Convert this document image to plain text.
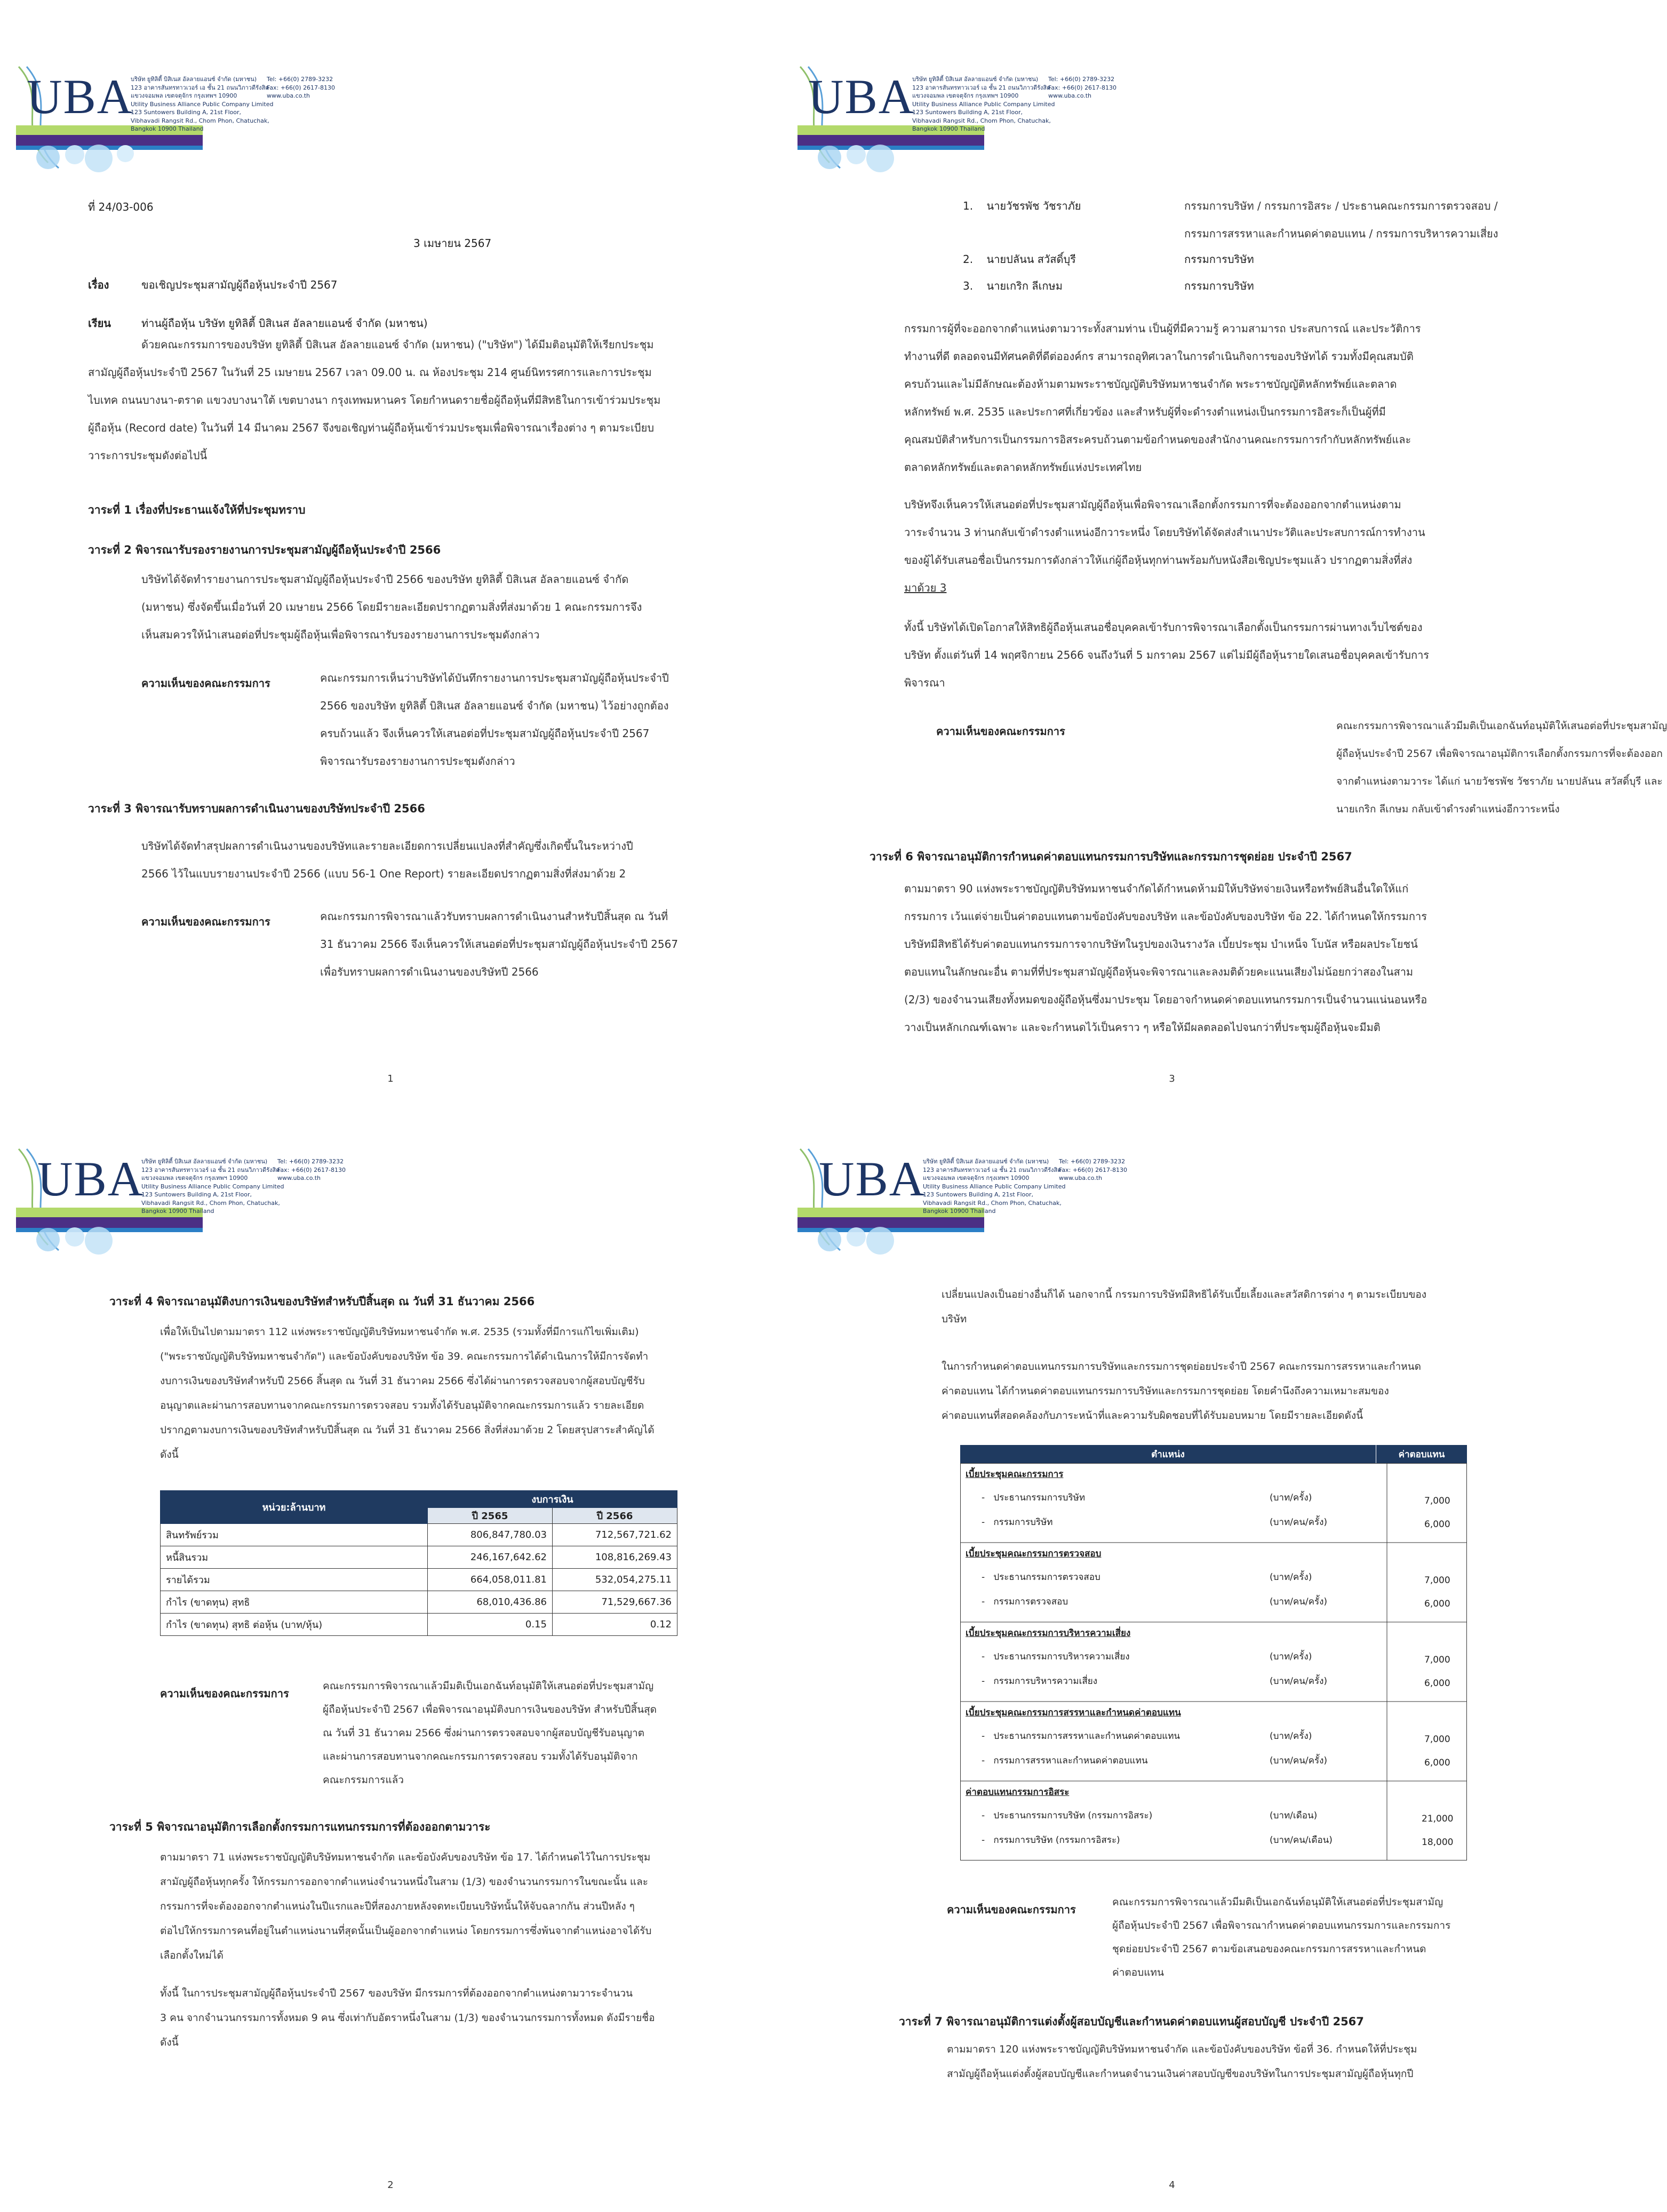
UBA
บริษัท ยูทิลิตี้ บิสิเนส อัลลายแอนซ์ จำกัด (มหาชน)
123 อาคารสันทรทาวเวอร์ เอ ชั้น 21 ถนนวิภาวดีรังสิต
แขวงจอมพล เขตจตุจักร กรุงเทพฯ 10900
Utility Business Alliance Public Company Limited
123 Suntowers Building A, 21st Floor,
Vibhavadi Rangsit Rd., Chom Phon, Chatuchak,
Bangkok 10900 Thailand
Tel: +66(0) 2789-3232
Fax: +66(0) 2617-8130
www.uba.co.th
ที่ 24/03-006
3 เมษายน 2567
เรื่อง	ขอเชิญประชุมสามัญผู้ถือหุ้นประจำปี 2567
เรียน	ท่านผู้ถือหุ้น บริษัท ยูทิลิตี้ บิสิเนส อัลลายแอนซ์ จำกัด (มหาชน)
ด้วยคณะกรรมการของบริษัท ยูทิลิตี้ บิสิเนส อัลลายแอนซ์ จำกัด (มหาชน) ("บริษัท") ได้มีมติอนุมัติให้เรียกประชุม
สามัญผู้ถือหุ้นประจำปี 2567 ในวันที่ 25 เมษายน 2567 เวลา 09.00 น. ณ ห้องประชุม 214 ศูนย์นิทรรศการและการประชุม
ไบเทค ถนนบางนา-ตราด แขวงบางนาใต้ เขตบางนา กรุงเทพมหานคร โดยกำหนดรายชื่อผู้ถือหุ้นที่มีสิทธิในการเข้าร่วมประชุม
ผู้ถือหุ้น (Record date) ในวันที่ 14 มีนาคม 2567 จึงขอเชิญท่านผู้ถือหุ้นเข้าร่วมประชุมเพื่อพิจารณาเรื่องต่าง ๆ ตามระเบียบ
วาระการประชุมดังต่อไปนี้
วาระที่ 1 เรื่องที่ประธานแจ้งให้ที่ประชุมทราบ
วาระที่ 2 พิจารณารับรองรายงานการประชุมสามัญผู้ถือหุ้นประจำปี 2566
บริษัทได้จัดทำรายงานการประชุมสามัญผู้ถือหุ้นประจำปี 2566 ของบริษัท ยูทิลิตี้ บิสิเนส อัลลายแอนซ์ จำกัด
(มหาชน) ซึ่งจัดขึ้นเมื่อวันที่ 20 เมษายน 2566 โดยมีรายละเอียดปรากฏตามสิ่งที่ส่งมาด้วย 1 คณะกรรมการจึง
เห็นสมควรให้นำเสนอต่อที่ประชุมผู้ถือหุ้นเพื่อพิจารณารับรองรายงานการประชุมดังกล่าว
ความเห็นของคณะกรรมการ	คณะกรรมการเห็นว่าบริษัทได้บันทึกรายงานการประชุมสามัญผู้ถือหุ้นประจำปี
2566 ของบริษัท ยูทิลิตี้ บิสิเนส อัลลายแอนซ์ จำกัด (มหาชน) ไว้อย่างถูกต้อง
ครบถ้วนแล้ว จึงเห็นควรให้เสนอต่อที่ประชุมสามัญผู้ถือหุ้นประจำปี 2567
พิจารณารับรองรายงานการประชุมดังกล่าว
วาระที่ 3 พิจารณารับทราบผลการดำเนินงานของบริษัทประจำปี 2566
บริษัทได้จัดทำสรุปผลการดำเนินงานของบริษัทและรายละเอียดการเปลี่ยนแปลงที่สำคัญซึ่งเกิดขึ้นในระหว่างปี
2566 ไว้ในแบบรายงานประจำปี 2566 (แบบ 56-1 One Report) รายละเอียดปรากฏตามสิ่งที่ส่งมาด้วย 2
ความเห็นของคณะกรรมการ	คณะกรรมการพิจารณาแล้วรับทราบผลการดำเนินงานสำหรับปีสิ้นสุด ณ วันที่
31 ธันวาคม 2566 จึงเห็นควรให้เสนอต่อที่ประชุมสามัญผู้ถือหุ้นประจำปี 2567
เพื่อรับทราบผลการดำเนินงานของบริษัทปี 2566
1
UBA
บริษัท ยูทิลิตี้ บิสิเนส อัลลายแอนซ์ จำกัด (มหาชน)
123 อาคารสันทรทาวเวอร์ เอ ชั้น 21 ถนนวิภาวดีรังสิต
แขวงจอมพล เขตจตุจักร กรุงเทพฯ 10900
Utility Business Alliance Public Company Limited
123 Suntowers Building A, 21st Floor,
Vibhavadi Rangsit Rd., Chom Phon, Chatuchak,
Bangkok 10900 Thailand
Tel: +66(0) 2789-3232
Fax: +66(0) 2617-8130
www.uba.co.th
1. นายวัชรพัช วัชราภัย	กรรมการบริษัท / กรรมการอิสระ / ประธานคณะกรรมการตรวจสอบ /
กรรมการสรรหาและกำหนดค่าตอบแทน / กรรมการบริหารความเสี่ยง
2. นายปลันน สวัสดิ์บุรี	กรรมการบริษัท
3. นายเกริก ลีเกษม	กรรมการบริษัท
กรรมการผู้ที่จะออกจากตำแหน่งตามวาระทั้งสามท่าน เป็นผู้ที่มีความรู้ ความสามารถ ประสบการณ์ และประวัติการ
ทำงานที่ดี ตลอดจนมีทัศนคติที่ดีต่อองค์กร สามารถอุทิศเวลาในการดำเนินกิจการของบริษัทได้ รวมทั้งมีคุณสมบัติ
ครบถ้วนและไม่มีลักษณะต้องห้ามตามพระราชบัญญัติบริษัทมหาชนจำกัด พระราชบัญญัติหลักทรัพย์และตลาด
หลักทรัพย์ พ.ศ. 2535 และประกาศที่เกี่ยวข้อง และสำหรับผู้ที่จะดำรงตำแหน่งเป็นกรรมการอิสระก็เป็นผู้ที่มี
คุณสมบัติสำหรับการเป็นกรรมการอิสระครบถ้วนตามข้อกำหนดของสำนักงานคณะกรรมการกำกับหลักทรัพย์และ
ตลาดหลักทรัพย์และตลาดหลักทรัพย์แห่งประเทศไทย
บริษัทจึงเห็นควรให้เสนอต่อที่ประชุมสามัญผู้ถือหุ้นเพื่อพิจารณาเลือกตั้งกรรมการที่จะต้องออกจากตำแหน่งตาม
วาระจำนวน 3 ท่านกลับเข้าดำรงตำแหน่งอีกวาระหนึ่ง โดยบริษัทได้จัดส่งสำเนาประวัติและประสบการณ์การทำงาน
ของผู้ได้รับเสนอชื่อเป็นกรรมการดังกล่าวให้แก่ผู้ถือหุ้นทุกท่านพร้อมกับหนังสือเชิญประชุมแล้ว ปรากฏตามสิ่งที่ส่ง
มาด้วย 3
ทั้งนี้ บริษัทได้เปิดโอกาสให้สิทธิผู้ถือหุ้นเสนอชื่อบุคคลเข้ารับการพิจารณาเลือกตั้งเป็นกรรมการผ่านทางเว็บไซต์ของ
บริษัท ตั้งแต่วันที่ 14 พฤศจิกายน 2566 จนถึงวันที่ 5 มกราคม 2567 แต่ไม่มีผู้ถือหุ้นรายใดเสนอชื่อบุคคลเข้ารับการ
พิจารณา
ความเห็นของคณะกรรมการ	คณะกรรมการพิจารณาแล้วมีมติเป็นเอกฉันท์อนุมัติให้เสนอต่อที่ประชุมสามัญ
ผู้ถือหุ้นประจำปี 2567 เพื่อพิจารณาอนุมัติการเลือกตั้งกรรมการที่จะต้องออก
จากตำแหน่งตามวาระ ได้แก่ นายวัชรพัช วัชราภัย นายปลันน สวัสดิ์บุรี และ
นายเกริก ลีเกษม กลับเข้าดำรงตำแหน่งอีกวาระหนึ่ง
วาระที่ 6 พิจารณาอนุมัติการกำหนดค่าตอบแทนกรรมการบริษัทและกรรมการชุดย่อย ประจำปี 2567
ตามมาตรา 90 แห่งพระราชบัญญัติบริษัทมหาชนจำกัดได้กำหนดห้ามมิให้บริษัทจ่ายเงินหรือทรัพย์สินอื่นใดให้แก่
กรรมการ เว้นแต่จ่ายเป็นค่าตอบแทนตามข้อบังคับของบริษัท และข้อบังคับของบริษัท ข้อ 22. ได้กำหนดให้กรรมการ
บริษัทมีสิทธิได้รับค่าตอบแทนกรรมการจากบริษัทในรูปของเงินรางวัล เบี้ยประชุม บำเหน็จ โบนัส หรือผลประโยชน์
ตอบแทนในลักษณะอื่น ตามที่ที่ประชุมสามัญผู้ถือหุ้นจะพิจารณาและลงมติด้วยคะแนนเสียงไม่น้อยกว่าสองในสาม
(2/3) ของจำนวนเสียงทั้งหมดของผู้ถือหุ้นซึ่งมาประชุม โดยอาจกำหนดค่าตอบแทนกรรมการเป็นจำนวนแน่นอนหรือ
วางเป็นหลักเกณฑ์เฉพาะ และจะกำหนดไว้เป็นคราว ๆ หรือให้มีผลตลอดไปจนกว่าที่ประชุมผู้ถือหุ้นจะมีมติ
3
UBA
บริษัท ยูทิลิตี้ บิสิเนส อัลลายแอนซ์ จำกัด (มหาชน)
123 อาคารสันทรทาวเวอร์ เอ ชั้น 21 ถนนวิภาวดีรังสิต
แขวงจอมพล เขตจตุจักร กรุงเทพฯ 10900
Utility Business Alliance Public Company Limited
123 Suntowers Building A, 21st Floor,
Vibhavadi Rangsit Rd., Chom Phon, Chatuchak,
Bangkok 10900 Thailand
Tel: +66(0) 2789-3232
Fax: +66(0) 2617-8130
www.uba.co.th
วาระที่ 4 พิจารณาอนุมัติงบการเงินของบริษัทสำหรับปีสิ้นสุด ณ วันที่ 31 ธันวาคม 2566
เพื่อให้เป็นไปตามมาตรา 112 แห่งพระราชบัญญัติบริษัทมหาชนจำกัด พ.ศ. 2535 (รวมทั้งที่มีการแก้ไขเพิ่มเติม)
("พระราชบัญญัติบริษัทมหาชนจำกัด") และข้อบังคับของบริษัท ข้อ 39. คณะกรรมการได้ดำเนินการให้มีการจัดทำ
งบการเงินของบริษัทสำหรับปี 2566 สิ้นสุด ณ วันที่ 31 ธันวาคม 2566 ซึ่งได้ผ่านการตรวจสอบจากผู้สอบบัญชีรับ
อนุญาตและผ่านการสอบทานจากคณะกรรมการตรวจสอบ รวมทั้งได้รับอนุมัติจากคณะกรรมการแล้ว รายละเอียด
ปรากฏตามงบการเงินของบริษัทสำหรับปีสิ้นสุด ณ วันที่ 31 ธันวาคม 2566 สิ่งที่ส่งมาด้วย 2 โดยสรุปสาระสำคัญได้
ดังนี้
หน่วย:ล้านบาท	งบการเงิน	
	ปี 2565	ปี 2566
สินทรัพย์รวม	806,847,780.03	712,567,721.62
หนี้สินรวม	246,167,642.62	108,816,269.43
รายได้รวม	664,058,011.81	532,054,275.11
กำไร (ขาดทุน) สุทธิ	68,010,436.86	71,529,667.36
กำไร (ขาดทุน) สุทธิ ต่อหุ้น (บาท/หุ้น)	0.15	0.12
ความเห็นของคณะกรรมการ
คณะกรรมการพิจารณาแล้วมีมติเป็นเอกฉันท์อนุมัติให้เสนอต่อที่ประชุมสามัญ
ผู้ถือหุ้นประจำปี 2567 เพื่อพิจารณาอนุมัติงบการเงินของบริษัท สำหรับปีสิ้นสุด
ณ วันที่ 31 ธันวาคม 2566 ซึ่งผ่านการตรวจสอบจากผู้สอบบัญชีรับอนุญาต
และผ่านการสอบทานจากคณะกรรมการตรวจสอบ รวมทั้งได้รับอนุมัติจาก
คณะกรรมการแล้ว
วาระที่ 5 พิจารณาอนุมัติการเลือกตั้งกรรมการแทนกรรมการที่ต้องออกตามวาระ
ตามมาตรา 71 แห่งพระราชบัญญัติบริษัทมหาชนจำกัด และข้อบังคับของบริษัท ข้อ 17. ได้กำหนดไว้ในการประชุม
สามัญผู้ถือหุ้นทุกครั้ง ให้กรรมการออกจากตำแหน่งจำนวนหนึ่งในสาม (1/3) ของจำนวนกรรมการในขณะนั้น และ
กรรมการที่จะต้องออกจากตำแหน่งในปีแรกและปีที่สองภายหลังจดทะเบียนบริษัทนั้นให้จับฉลากกัน ส่วนปีหลัง ๆ
ต่อไปให้กรรมการคนที่อยู่ในตำแหน่งนานที่สุดนั้นเป็นผู้ออกจากตำแหน่ง โดยกรรมการซึ่งพ้นจากตำแหน่งอาจได้รับ
เลือกตั้งใหม่ได้
ทั้งนี้ ในการประชุมสามัญผู้ถือหุ้นประจำปี 2567 ของบริษัท มีกรรมการที่ต้องออกจากตำแหน่งตามวาระจำนวน
3 คน จากจำนวนกรรมการทั้งหมด 9 คน ซึ่งเท่ากับอัตราหนึ่งในสาม (1/3) ของจำนวนกรรมการทั้งหมด ดังมีรายชื่อ
ดังนี้
2
UBA
บริษัท ยูทิลิตี้ บิสิเนส อัลลายแอนซ์ จำกัด (มหาชน)
123 อาคารสันทรทาวเวอร์ เอ ชั้น 21 ถนนวิภาวดีรังสิต
แขวงจอมพล เขตจตุจักร กรุงเทพฯ 10900
Utility Business Alliance Public Company Limited
123 Suntowers Building A, 21st Floor,
Vibhavadi Rangsit Rd., Chom Phon, Chatuchak,
Bangkok 10900 Thailand
Tel: +66(0) 2789-3232
Fax: +66(0) 2617-8130
www.uba.co.th
เปลี่ยนแปลงเป็นอย่างอื่นก็ได้ นอกจากนี้ กรรมการบริษัทมีสิทธิได้รับเบี้ยเลี้ยงและสวัสดิการต่าง ๆ ตามระเบียบของ
บริษัท
ในการกำหนดค่าตอบแทนกรรมการบริษัทและกรรมการชุดย่อยประจำปี 2567 คณะกรรมการสรรหาและกำหนด
ค่าตอบแทน ได้กำหนดค่าตอบแทนกรรมการบริษัทและกรรมการชุดย่อย โดยคำนึงถึงความเหมาะสมของ
ค่าตอบแทนที่สอดคล้องกับภาระหน้าที่และความรับผิดชอบที่ได้รับมอบหมาย โดยมีรายละเอียดดังนี้
ตำแหน่ง	ค่าตอบแทน
เบี้ยประชุมคณะกรรมการ
-   ประธานกรรมการบริษัท	(บาท/ครั้ง)	7,000
-   กรรมการบริษัท	(บาท/คน/ครั้ง)	6,000
เบี้ยประชุมคณะกรรมการตรวจสอบ
-   ประธานกรรมการตรวจสอบ	(บาท/ครั้ง)	7,000
-   กรรมการตรวจสอบ	(บาท/คน/ครั้ง)	6,000
เบี้ยประชุมคณะกรรมการบริหารความเสี่ยง
-   ประธานกรรมการบริหารความเสี่ยง	(บาท/ครั้ง)	7,000
-   กรรมการบริหารความเสี่ยง	(บาท/คน/ครั้ง)	6,000
เบี้ยประชุมคณะกรรมการสรรหาและกำหนดค่าตอบแทน
-   ประธานกรรมการสรรหาและกำหนดค่าตอบแทน	(บาท/ครั้ง)	7,000
-   กรรมการสรรหาและกำหนดค่าตอบแทน	(บาท/คน/ครั้ง)	6,000
ค่าตอบแทนกรรมการอิสระ
-   ประธานกรรมการบริษัท (กรรมการอิสระ)	(บาท/เดือน)	21,000
-   กรรมการบริษัท (กรรมการอิสระ)	(บาท/คน/เดือน)	18,000
ความเห็นของคณะกรรมการ
คณะกรรมการพิจารณาแล้วมีมติเป็นเอกฉันท์อนุมัติให้เสนอต่อที่ประชุมสามัญ
ผู้ถือหุ้นประจำปี 2567 เพื่อพิจารณากำหนดค่าตอบแทนกรรมการและกรรมการ
ชุดย่อยประจำปี 2567 ตามข้อเสนอของคณะกรรมการสรรหาและกำหนด
ค่าตอบแทน
วาระที่ 7 พิจารณาอนุมัติการแต่งตั้งผู้สอบบัญชีและกำหนดค่าตอบแทนผู้สอบบัญชี ประจำปี 2567
ตามมาตรา 120 แห่งพระราชบัญญัติบริษัทมหาชนจำกัด และข้อบังคับของบริษัท ข้อที่ 36. กำหนดให้ที่ประชุม
สามัญผู้ถือหุ้นแต่งตั้งผู้สอบบัญชีและกำหนดจำนวนเงินค่าสอบบัญชีของบริษัทในการประชุมสามัญผู้ถือหุ้นทุกปี
4
